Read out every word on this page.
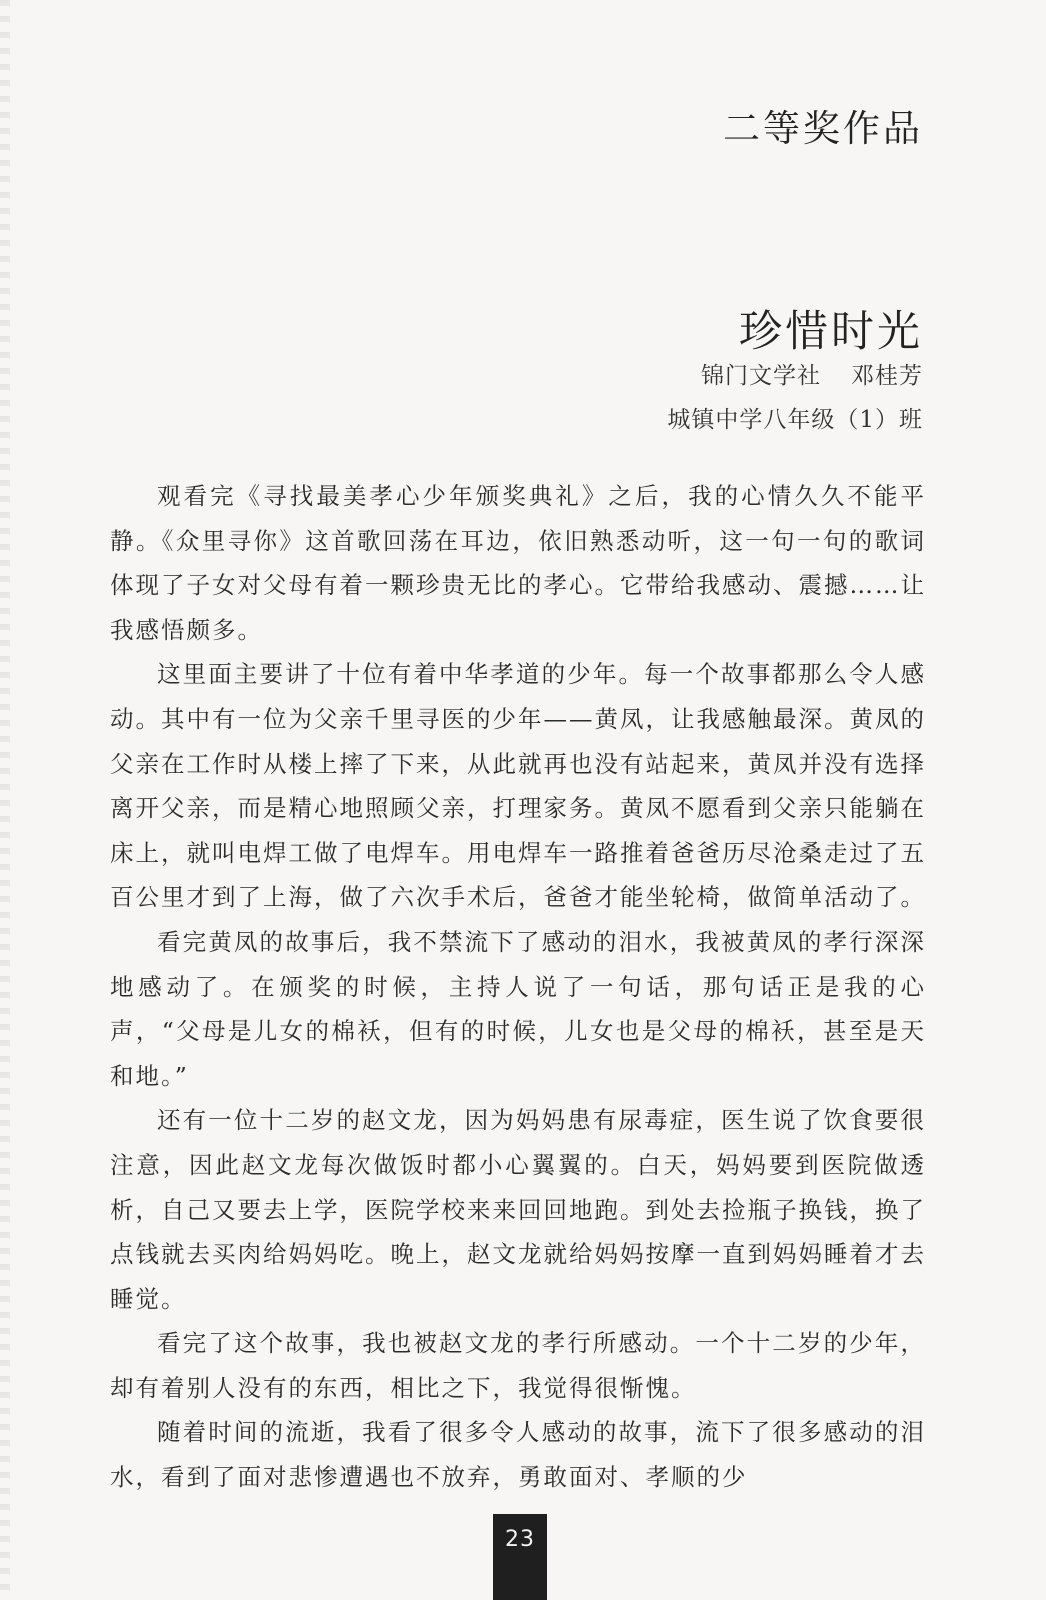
二等奖作品
珍惜时光
锦门文学社 邓桂芳
城镇中学八年级（1）班

观看完《寻找最美孝心少年颁奖典礼》之后，我的心情久久不能平静。《众里寻你》这首歌回荡在耳边，依旧熟悉动听，这一句一句的歌词体现了子女对父母有着一颗珍贵无比的孝心。它带给我感动、震撼……让我感悟颇多。

这里面主要讲了十位有着中华孝道的少年。每一个故事都那么令人感动。其中有一位为父亲千里寻医的少年——黄凤，让我感触最深。黄凤的父亲在工作时从楼上摔了下来，从此就再也没有站起来，黄凤并没有选择离开父亲，而是精心地照顾父亲，打理家务。黄凤不愿看到父亲只能躺在床上，就叫电焊工做了电焊车。用电焊车一路推着爸爸历尽沧桑走过了五百公里才到了上海，做了六次手术后，爸爸才能坐轮椅，做简单活动了。

看完黄凤的故事后，我不禁流下了感动的泪水，我被黄凤的孝行深深地感动了。在颁奖的时候，主持人说了一句话，那句话正是我的心声，“父母是儿女的棉袄，但有的时候，儿女也是父母的棉袄，甚至是天和地。”

还有一位十二岁的赵文龙，因为妈妈患有尿毒症，医生说了饮食要很注意，因此赵文龙每次做饭时都小心翼翼的。白天，妈妈要到医院做透析，自己又要去上学，医院学校来来回回地跑。到处去捡瓶子换钱，换了点钱就去买肉给妈妈吃。晚上，赵文龙就给妈妈按摩一直到妈妈睡着才去睡觉。

看完了这个故事，我也被赵文龙的孝行所感动。一个十二岁的少年，却有着别人没有的东西，相比之下，我觉得很惭愧。

随着时间的流逝，我看了很多令人感动的故事，流下了很多感动的泪水，看到了面对悲惨遭遇也不放弃，勇敢面对、孝顺的少

23
